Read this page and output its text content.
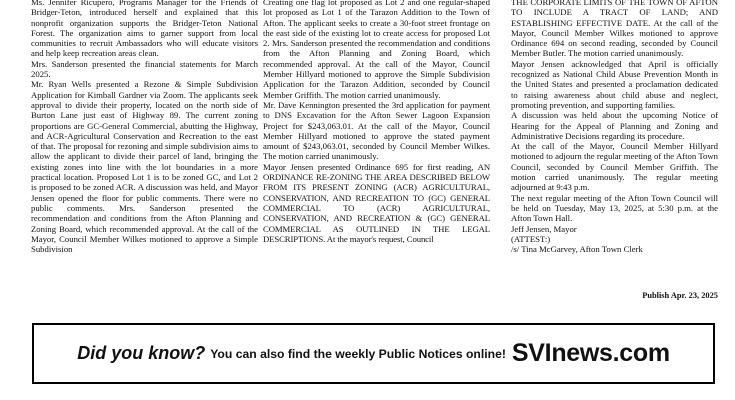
Ms. Jennifer Ricupero, Programs Manager for the Friends of Bridger-Teton, introduced herself and explained that this nonprofit organization supports the Bridger-Teton National Forest. The organization aims to garner support from local communities to recruit Ambassadors who will educate visitors and help keep recreation areas clean.

Mrs. Sanderson presented the financial statements for March 2025.

Mr. Ryan Wells presented a Rezone & Simple Subdivision Application for Kimball Gardner via Zoom. The applicants seek approval to divide their property, located on the north side of Burton Lane just east of Highway 89. The current zoning proportions are GC-General Commercial, abutting the Highway, and ACR-Agricultural Conservation and Recreation to the east of that. The proposal for rezoning and simple subdivision aims to allow the applicant to divide their parcel of land, bringing the existing zones into line with the lot boundaries in a more practical location. Proposed Lot 1 is to be zoned GC, and Lot 2 is proposed to be zoned ACR. A discussion was held, and Mayor Jensen opened the floor for public comments. There were no public comments. Mrs. Sanderson presented the recommendation and conditions from the Afton Planning and Zoning Board, which recommended approval. At the call of the Mayor, Council Member Wilkes motioned to approve a Simple Subdivision

Creating one flag lot proposed as Lot 2 and one regular-shaped lot proposed as Lot 1 of the Tarazon Addition to the Town of Afton. The applicant seeks to create a 30-foot street frontage on the east side of the existing lot to create access for proposed Lot 2. Mrs. Sanderson presented the recommendation and conditions from the Afton Planning and Zoning Board, which recommended approval. At the call of the Mayor, Council Member Hillyard motioned to approve the Simple Subdivision Application for the Tarazon Addition, seconded by Council Member Griffith. The motion carried unanimously.

Mr. Dave Kennington presented the 3rd application for payment to DNS Excavation for the Afton Sewer Lagoon Expansion Project for $243,063.01. At the call of the Mayor, Council Member Hillyard motioned to approve the stated payment amount of $243,063.01, seconded by Council Member Wilkes. The motion carried unanimously.

Mayor Jensen presented Ordinance 695 for first reading, AN ORDINANCE RE-ZONING THE AREA DESCRIBED BELOW FROM ITS PRESENT ZONING (ACR) AGRICULTURAL, CONSERVATION, AND RECREATION TO (GC) GENERAL COMMERCIAL TO (ACR) AGRICULTURAL, CONSERVATION, AND RECREATION & (GC) GENERAL COMMERCIAL AS OUTLINED IN THE LEGAL DESCRIPTIONS. At the mayor's request, Council

THE CORPORATE LIMITS OF THE TOWN OF AFTON TO INCLUDE A TRACT OF LAND; AND ESTABLISHING EFFECTIVE DATE. At the call of the Mayor, Council Member Wilkes motioned to approve Ordinance 694 on second reading, seconded by Council Member Butler. The motion carried unanimously.

Mayor Jensen acknowledged that April is officially recognized as National Child Abuse Prevention Month in the United States and presented a proclamation dedicated to raising awareness about child abuse and neglect, promoting prevention, and supporting families.

A discussion was held about the upcoming Notice of Hearing for the Appeal of Planning and Zoning and Administrative Decisions regarding its procedure.

At the call of the Mayor, Council Member Hillyard motioned to adjourn the regular meeting of the Afton Town Council, seconded by Council Member Griffith. The motion carried unanimously. The regular meeting adjourned at 9:43 p.m.

The next regular meeting of the Afton Town Council will be held on Tuesday, May 13, 2025, at 5:30 p.m. at the Afton Town Hall.

Jeff Jensen, Mayor

(ATTEST:)

/s/ Tina McGarvey, Afton Town Clerk

Publish Apr. 23, 2025
Did you know? You can also find the weekly Public Notices online! SVInews.com
